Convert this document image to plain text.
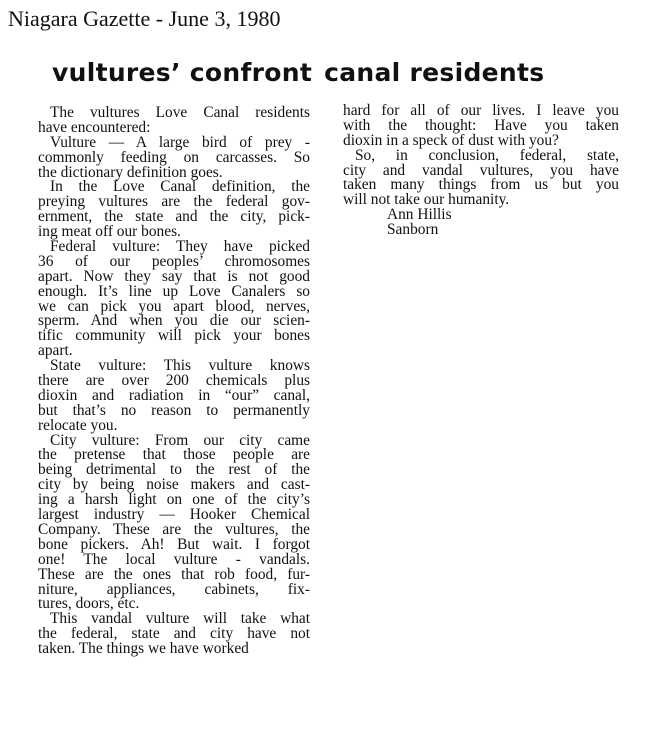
Niagara Gazette - June 3, 1980
vultures’ confront canal residents
The vultures Love Canal residents
have encountered:
Vulture — A large bird of prey -
commonly feeding on carcasses. So
the dictionary definition goes.
In the Love Canal definition, the
preying vultures are the federal gov-
ernment, the state and the city, pick-
ing meat off our bones.
Federal vulture: They have picked
36 of our peoples’ chromosomes
apart. Now they say that is not good
enough. It’s line up Love Canalers so
we can pick you apart blood, nerves,
sperm. And when you die our scien-
tific community will pick your bones
apart.
State vulture: This vulture knows
there are over 200 chemicals plus
dioxin and radiation in “our” canal,
but that’s no reason to permanently
relocate you.
City vulture: From our city came
the pretense that those people are
being detrimental to the rest of the
city by being noise makers and cast-
ing a harsh light on one of the city’s
largest industry — Hooker Chemical
Company. These are the vultures, the
bone pickers. Ah! But wait. I forgot
one! The local vulture - vandals.
These are the ones that rob food, fur-
niture, appliances, cabinets, fix-
tures, doors, étc.
This vandal vulture will take what
the federal, state and city have not
taken. The things we have worked
hard for all of our lives. I leave you
with the thought: Have you taken
dioxin in a speck of dust with you?
So, in conclusion, federal, state,
city and vandal vultures, you have
taken many things from us but you
will not take our humanity.
Ann Hillis
Sanborn
